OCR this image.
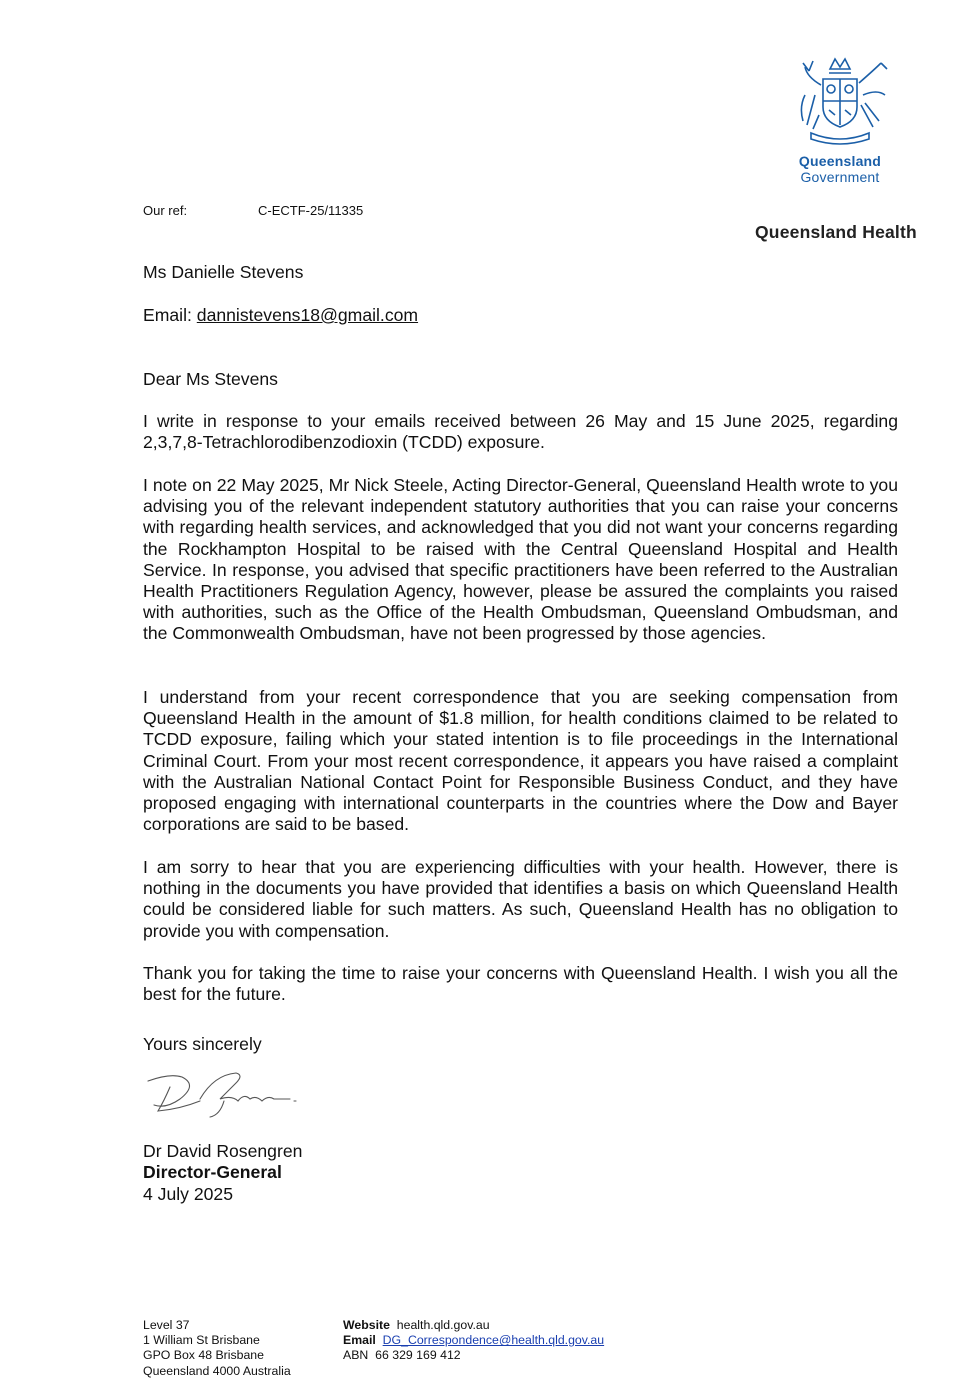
Queensland
Government
Our ref:	C-ECTF-25/11335
Queensland Health
Ms Danielle Stevens
Email: dannistevens18@gmail.com
Dear Ms Stevens
I write in response to your emails received between 26 May and 15 June 2025, regarding 2,3,7,8-Tetrachlorodibenzodioxin (TCDD) exposure.
I note on 22 May 2025, Mr Nick Steele, Acting Director-General, Queensland Health wrote to you advising you of the relevant independent statutory authorities that you can raise your concerns with regarding health services, and acknowledged that you did not want your concerns regarding the Rockhampton Hospital to be raised with the Central Queensland Hospital and Health Service. In response, you advised that specific practitioners have been referred to the Australian Health Practitioners Regulation Agency, however, please be assured the complaints you raised with authorities, such as the Office of the Health Ombudsman, Queensland Ombudsman, and the Commonwealth Ombudsman, have not been progressed by those agencies.
I understand from your recent correspondence that you are seeking compensation from Queensland Health in the amount of $1.8 million, for health conditions claimed to be related to TCDD exposure, failing which your stated intention is to file proceedings in the International Criminal Court. From your most recent correspondence, it appears you have raised a complaint with the Australian National Contact Point for Responsible Business Conduct, and they have proposed engaging with international counterparts in the countries where the Dow and Bayer corporations are said to be based.
I am sorry to hear that you are experiencing difficulties with your health. However, there is nothing in the documents you have provided that identifies a basis on which Queensland Health could be considered liable for such matters. As such, Queensland Health has no obligation to provide you with compensation.
Thank you for taking the time to raise your concerns with Queensland Health. I wish you all the best for the future.
Yours sincerely
Dr David Rosengren
Director-General
4 July 2025
Level 37
1 William St Brisbane
GPO Box 48 Brisbane
Queensland 4000 Australia
Website health.qld.gov.au
Email DG_Correspondence@health.qld.gov.au
ABN 66 329 169 412
